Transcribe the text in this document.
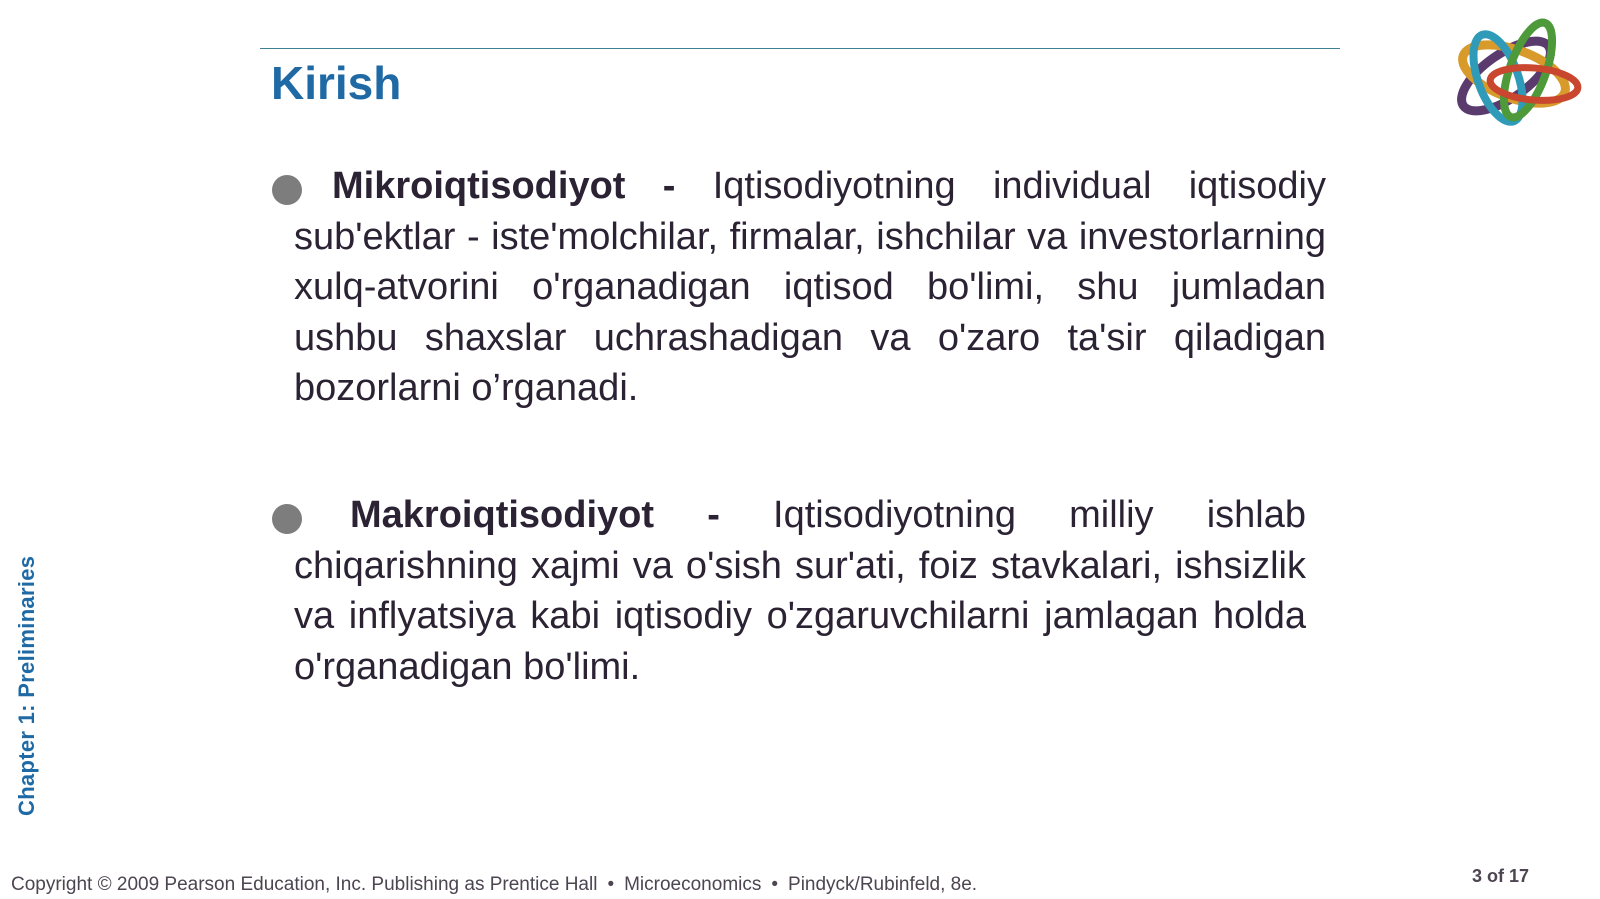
Kirish

Mikroiqtisodiyot - Iqtisodiyotning individual iqtisodiy sub'ektlar - iste'molchilar, firmalar, ishchilar va investorlarning xulq-atvorini o'rganadigan iqtisod bo'limi, shu jumladan ushbu shaxslar uchrashadigan va o'zaro ta'sir qiladigan bozorlarni o’rganadi.

Makroiqtisodiyot - Iqtisodiyotning milliy ishlab chiqarishning xajmi va o'sish sur'ati, foiz stavkalari, ishsizlik va inflyatsiya kabi iqtisodiy o'zgaruvchilarni jamlagan holda o'rganadigan bo'limi.

Chapter 1: Preliminaries
Copyright © 2009 Pearson Education, Inc. Publishing as Prentice Hall • Microeconomics • Pindyck/Rubinfeld, 8e.	3 of 17
